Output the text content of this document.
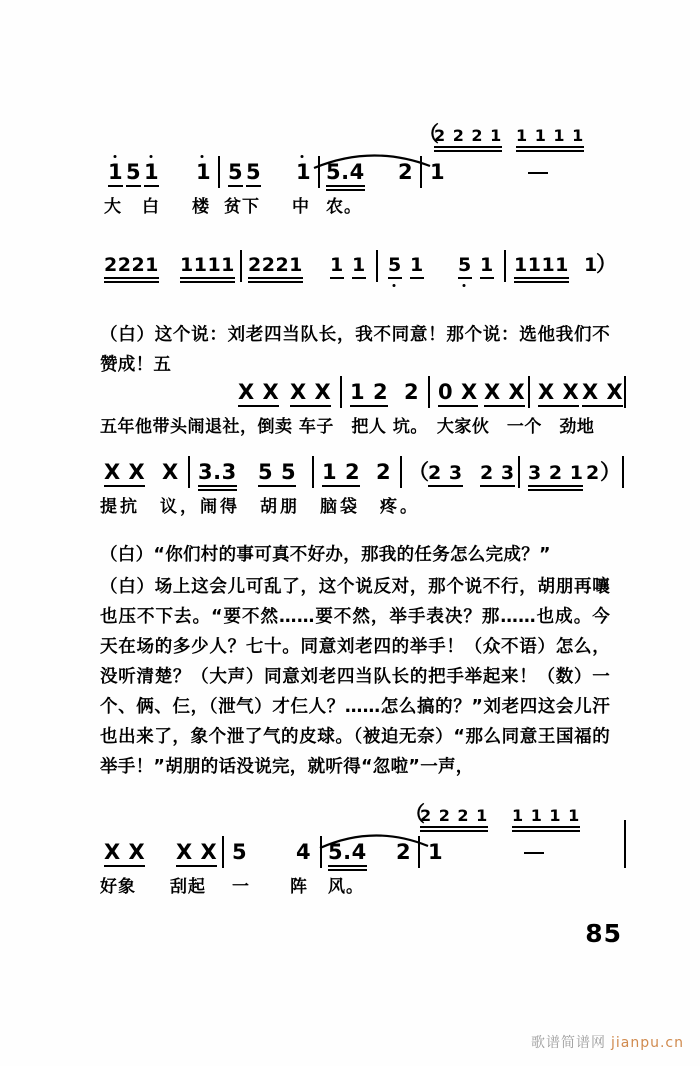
（
2 2 2 1 1 1 1 1
1 5 1 1 5 5 1 5.4 2 1
大 白 楼 贫下 中 农。
2221 1111 2221 1 1 5 1 5 1 1111 1
）
（白）这个说：刘老四当队长，我不同意！那个说：选他我们不赞成！五
X X X X 1 2 2 0 X X X X X X X
五年他带头闹退社，倒卖 车子　把人 坑。　大家伙　一个　劲地
X X X 3.3 5 5 1 2 2 （ 2 3 2 3 3 2 1 2 ）
提抗　议，闹得　胡朋　脑袋　疼。
（白）“你们村的事可真不好办，那我的任务怎么完成？”
（白）场上这会儿可乱了，这个说反对，那个说不行，胡朋再嚷也压不下去。“要不然……要不然，举手表决？那……也成。今天在场的多少人？七十。同意刘老四的举手！（众不语）怎么，没听清楚？（大声）同意刘老四当队长的把手举起来！（数）一个、俩、仨，（泄气）才仨人？……怎么搞的？”刘老四这会儿汗也出来了，象个泄了气的皮球。（被迫无奈）“那么同意王国福的举手！”胡朋的话没说完，就听得“忽啦”一声，
（
2 2 2 1 1 1 1 1
X X X X 5 4 5.4 2 1
好象 刮起 一 阵 风。
85
歌谱简谱网 jianpu.cn
